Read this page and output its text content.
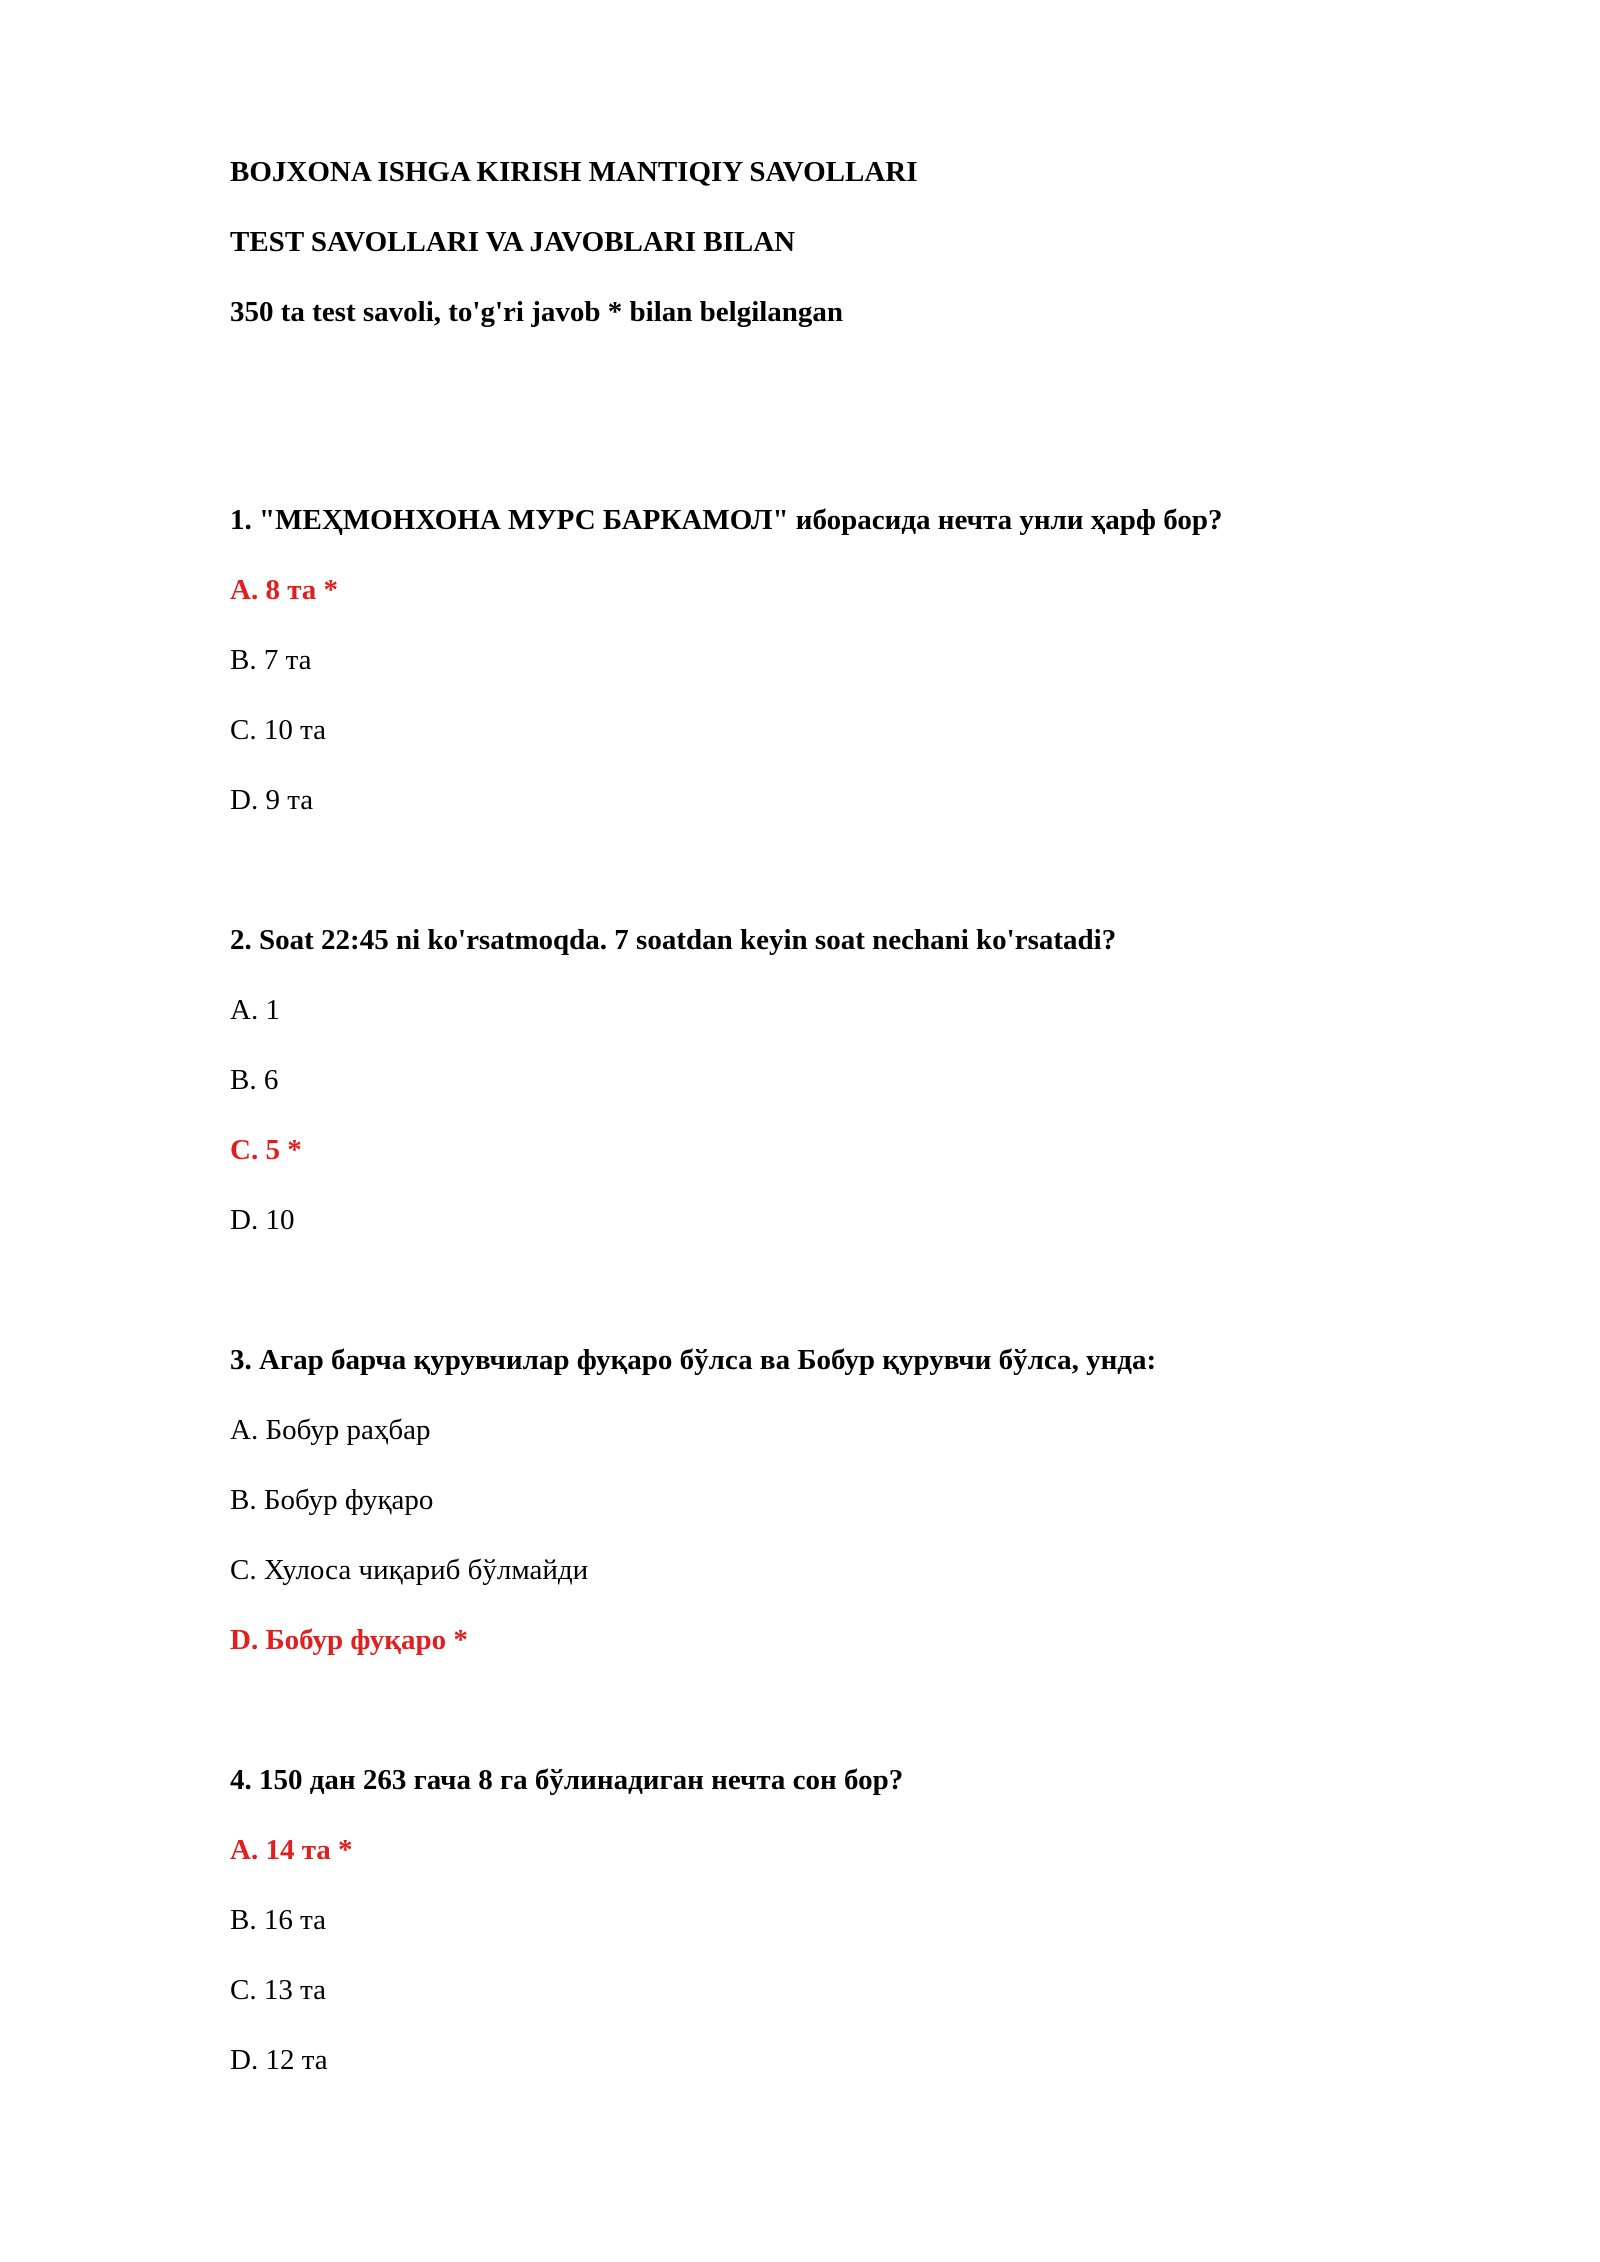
BOJXONA ISHGA KIRISH MANTIQIY SAVOLLARI
TEST SAVOLLARI VA JAVOBLARI BILAN
350 ta test savoli, to'g'ri javob * bilan belgilangan
1. "МЕҲМОНХОНА МУРС БАРКАМОЛ" иборасида нечта унли ҳарф бор?
A. 8 та *
B. 7 та
C. 10 та
D. 9 та
2. Soat 22:45 ni ko'rsatmoqda. 7 soatdan keyin soat nechani ko'rsatadi?
A. 1
B. 6
C. 5 *
D. 10
3. Агар барча қурувчилар фуқаро бўлса ва Бобур қурувчи бўлса, унда:
A. Бобур раҳбар
B. Бобур фуқаро
C. Хулоса чиқариб бўлмайди
D. Бобур фуқаро *
4. 150 дан 263 гача 8 га бўлинадиган нечта сон бор?
A. 14 та *
B. 16 та
C. 13 та
D. 12 та
